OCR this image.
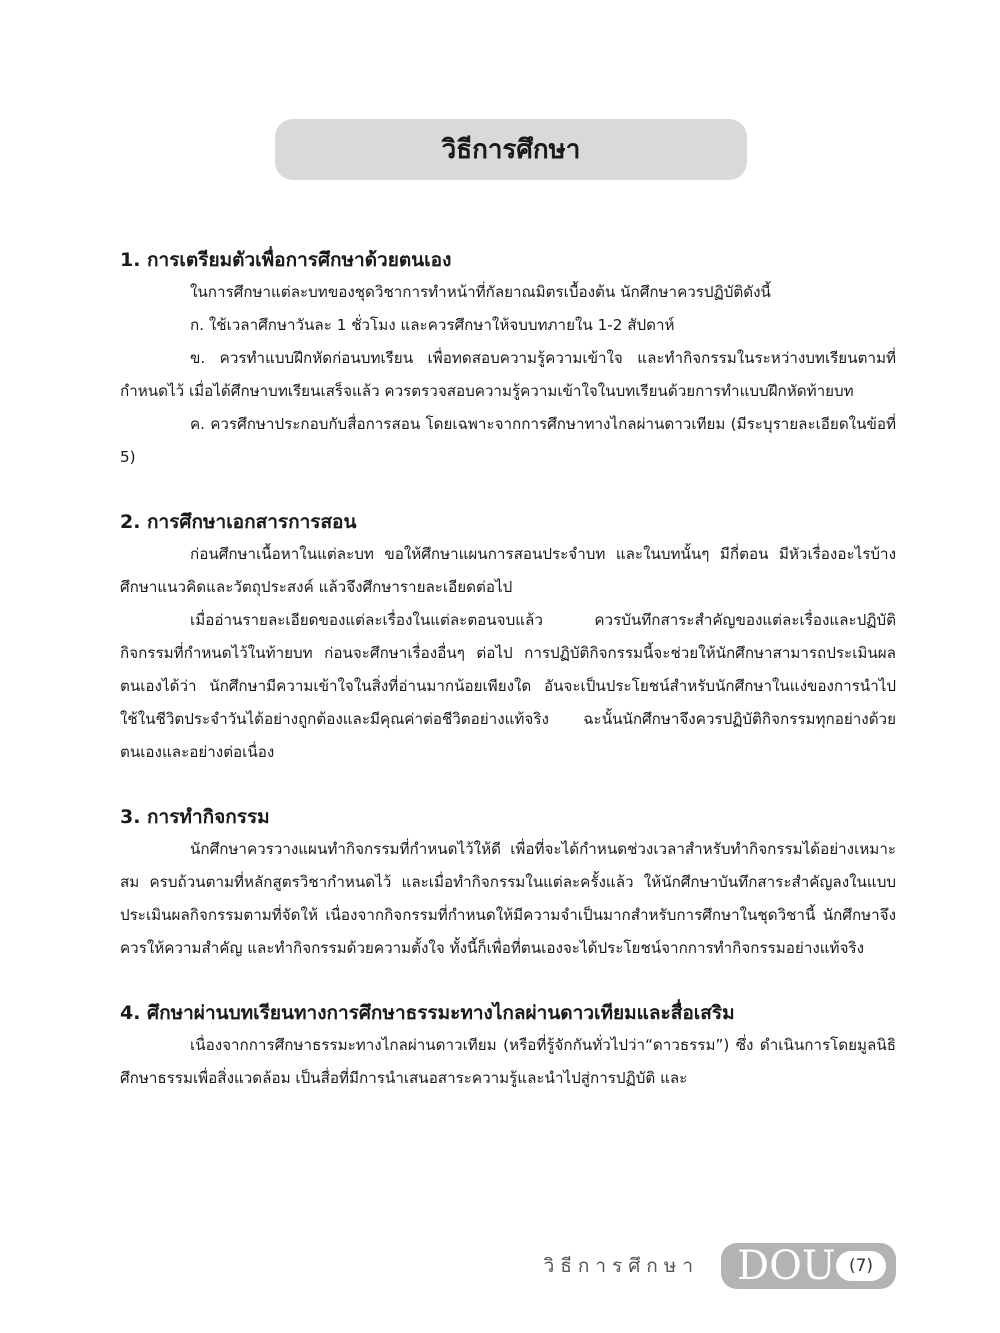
วิธีการศึกษา

1. การเตรียมตัวเพื่อการศึกษาด้วยตนเอง

ในการศึกษาแต่ละบทของชุดวิชาการทำหน้าที่กัลยาณมิตรเบื้องต้น นักศึกษาควรปฏิบัติดังนี้

ก. ใช้เวลาศึกษาวันละ 1 ชั่วโมง และควรศึกษาให้จบบทภายใน 1-2 สัปดาห์

ข. ควรทำแบบฝึกหัดก่อนบทเรียน เพื่อทดสอบความรู้ความเข้าใจ และทำกิจกรรมในระหว่างบทเรียนตามที่กำหนดไว้ เมื่อได้ศึกษาบทเรียนเสร็จแล้ว ควรตรวจสอบความรู้ความเข้าใจในบทเรียนด้วยการทำแบบฝึกหัดท้ายบท

ค. ควรศึกษาประกอบกับสื่อการสอน โดยเฉพาะจากการศึกษาทางไกลผ่านดาวเทียม (มีระบุรายละเอียดในข้อที่ 5)

2. การศึกษาเอกสารการสอน

ก่อนศึกษาเนื้อหาในแต่ละบท ขอให้ศึกษาแผนการสอนประจำบท และในบทนั้นๆ มีกี่ตอน มีหัวเรื่องอะไรบ้าง ศึกษาแนวคิดและวัตถุประสงค์ แล้วจึงศึกษารายละเอียดต่อไป

เมื่ออ่านรายละเอียดของแต่ละเรื่องในแต่ละตอนจบแล้ว ควรบันทึกสาระสำคัญของแต่ละเรื่องและปฏิบัติกิจกรรมที่กำหนดไว้ในท้ายบท ก่อนจะศึกษาเรื่องอื่นๆ ต่อไป การปฏิบัติกิจกรรมนี้จะช่วยให้นักศึกษาสามารถประเมินผลตนเองได้ว่า นักศึกษามีความเข้าใจในสิ่งที่อ่านมากน้อยเพียงใด อันจะเป็นประโยชน์สำหรับนักศึกษาในแง่ของการนำไปใช้ในชีวิตประจำวันได้อย่างถูกต้องและมีคุณค่าต่อชีวิตอย่างแท้จริง ฉะนั้นนักศึกษาจึงควรปฏิบัติกิจกรรมทุกอย่างด้วยตนเองและอย่างต่อเนื่อง

3. การทำกิจกรรม

นักศึกษาควรวางแผนทำกิจกรรมที่กำหนดไว้ให้ดี เพื่อที่จะได้กำหนดช่วงเวลาสำหรับทำกิจกรรมได้อย่างเหมาะสม ครบถ้วนตามที่หลักสูตรวิชากำหนดไว้ และเมื่อทำกิจกรรมในแต่ละครั้งแล้ว ให้นักศึกษาบันทึกสาระสำคัญลงในแบบประเมินผลกิจกรรมตามที่จัดให้ เนื่องจากกิจกรรมที่กำหนดให้มีความจำเป็นมากสำหรับการศึกษาในชุดวิชานี้ นักศึกษาจึงควรให้ความสำคัญ และทำกิจกรรมด้วยความตั้งใจ ทั้งนี้ก็เพื่อที่ตนเองจะได้ประโยชน์จากการทำกิจกรรมอย่างแท้จริง

4. ศึกษาผ่านบทเรียนทางการศึกษาธรรมะทางไกลผ่านดาวเทียมและสื่อเสริม

เนื่องจากการศึกษาธรรมะทางไกลผ่านดาวเทียม (หรือที่รู้จักกันทั่วไปว่า“ดาวธรรม”) ซึ่ง ดำเนินการโดยมูลนิธิศึกษาธรรมเพื่อสิ่งแวดล้อม เป็นสื่อที่มีการนำเสนอสาระความรู้และนำไปสู่การปฏิบัติ และ

วิธีการศึกษา DOU (7)
